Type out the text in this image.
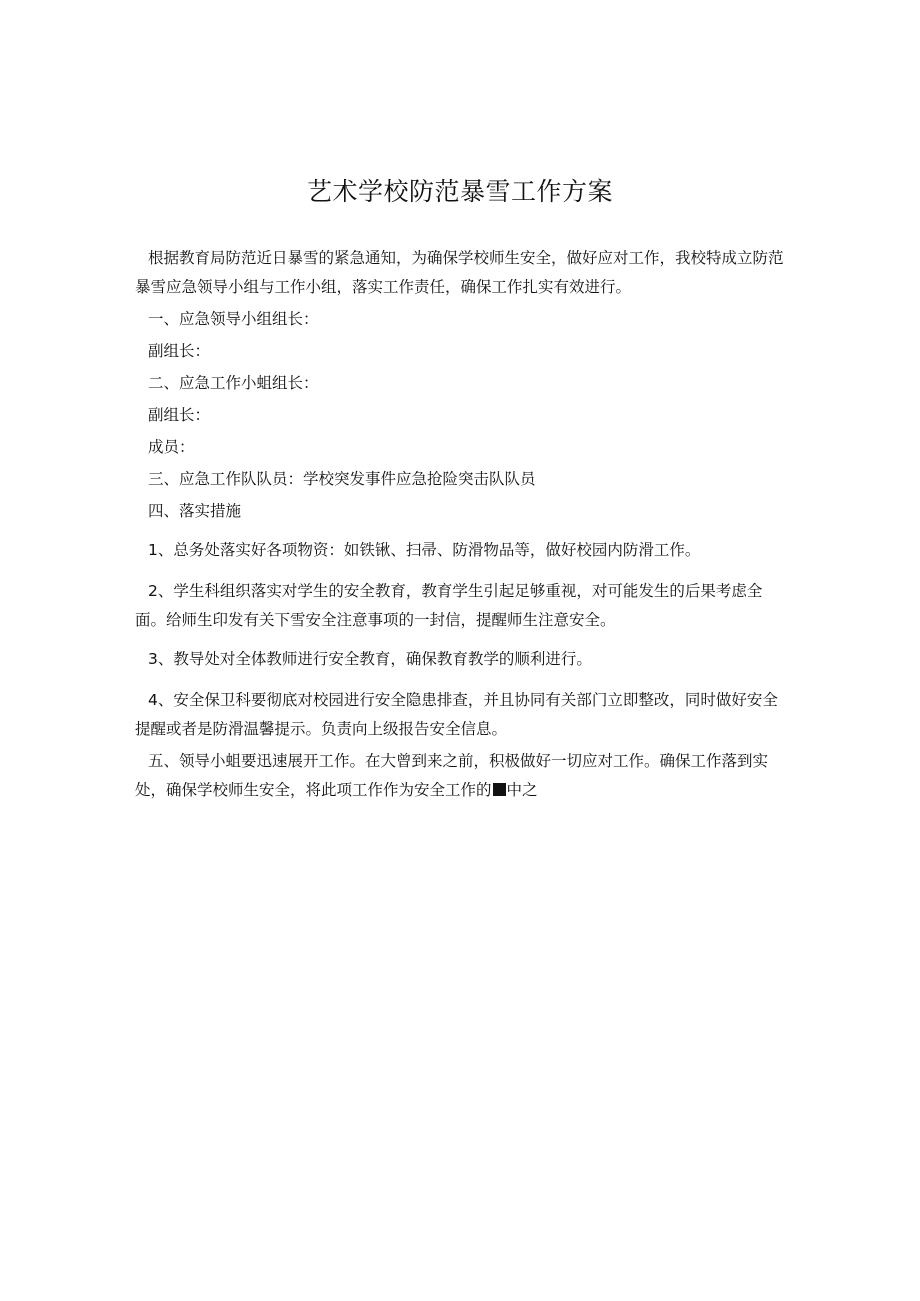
艺术学校防范暴雪工作方案

根据教育局防范近日暴雪的紧急通知，为确保学校师生安全，做好应对工作，我校特成立防范暴雪应急领导小组与工作小组，落实工作责任，确保工作扎实有效进行。

一、应急领导小组组长：

副组长：

二、应急工作小蛆组长：

副组长：

成员：

三、应急工作队队员：学校突发事件应急抢险突击队队员

四、落实措施

1、总务处落实好各项物资：如铁锹、扫帚、防滑物品等，做好校园内防滑工作。

2、学生科组织落实对学生的安全教育，教育学生引起足够重视，对可能发生的后果考虑全面。给师生印发有关下雪安全注意事项的一封信，提醒师生注意安全。

3、教导处对全体教师进行安全教育，确保教育教学的顺利进行。

4、安全保卫科要彻底对校园进行安全隐患排查，并且协同有关部门立即整改，同时做好安全提醒或者是防滑温馨提示。负责向上级报告安全信息。

五、领导小蛆要迅速展开工作。在大曾到来之前，积极做好一切应对工作。确保工作落到实处，确保学校师生安全，将此项工作作为安全工作的 中之
